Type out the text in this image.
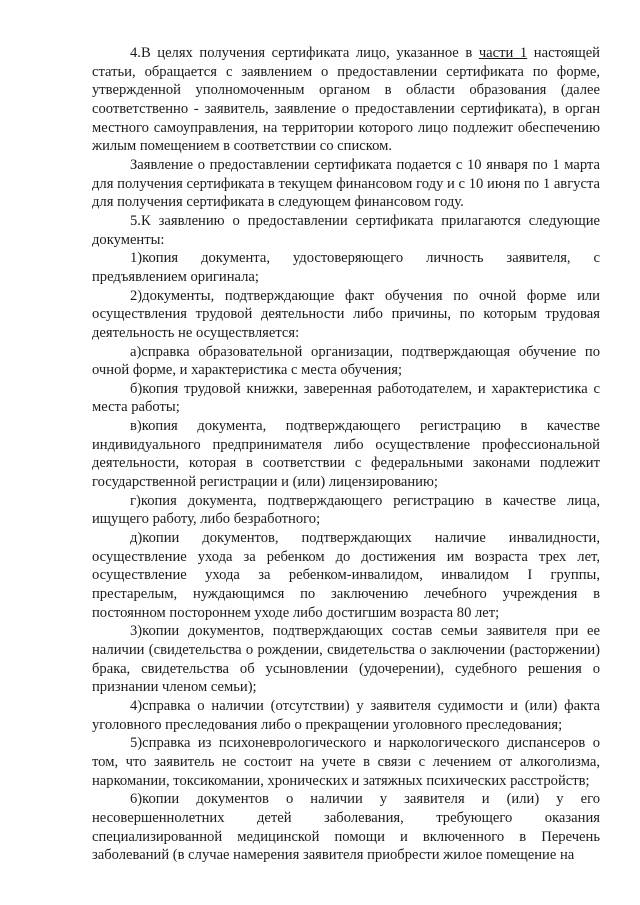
4.В целях получения сертификата лицо, указанное в части 1 настоящей статьи, обращается с заявлением о предоставлении сертификата по форме, утвержденной уполномоченным органом в области образования (далее соответственно - заявитель, заявление о предоставлении сертификата), в орган местного самоуправления, на территории которого лицо подлежит обеспечению жилым помещением в соответствии со списком.

Заявление о предоставлении сертификата подается с 10 января по 1 марта для получения сертификата в текущем финансовом году и с 10 июня по 1 августа для получения сертификата в следующем финансовом году.

5.К заявлению о предоставлении сертификата прилагаются следующие документы:

1)копия документа, удостоверяющего личность заявителя, с предъявлением оригинала;

2)документы, подтверждающие факт обучения по очной форме или осуществления трудовой деятельности либо причины, по которым трудовая деятельность не осуществляется:

а)справка образовательной организации, подтверждающая обучение по очной форме, и характеристика с места обучения;

б)копия трудовой книжки, заверенная работодателем, и характеристика с места работы;

в)копия документа, подтверждающего регистрацию в качестве индивидуального предпринимателя либо осуществление профессиональной деятельности, которая в соответствии с федеральными законами подлежит государственной регистрации и (или) лицензированию;

г)копия документа, подтверждающего регистрацию в качестве лица, ищущего работу, либо безработного;

д)копии документов, подтверждающих наличие инвалидности, осуществление ухода за ребенком до достижения им возраста трех лет, осуществление ухода за ребенком-инвалидом, инвалидом I группы, престарелым, нуждающимся по заключению лечебного учреждения в постоянном постороннем уходе либо достигшим возраста 80 лет;

3)копии документов, подтверждающих состав семьи заявителя при ее наличии (свидетельства о рождении, свидетельства о заключении (расторжении) брака, свидетельства об усыновлении (удочерении), судебного решения о признании членом семьи);

4)справка о наличии (отсутствии) у заявителя судимости и (или) факта уголовного преследования либо о прекращении уголовного преследования;

5)справка из психоневрологического и наркологического диспансеров о том, что заявитель не состоит на учете в связи с лечением от алкоголизма, наркомании, токсикомании, хронических и затяжных психических расстройств;

6)копии документов о наличии у заявителя и (или) у его несовершеннолетних детей заболевания, требующего оказания специализированной медицинской помощи и включенного в Перечень заболеваний (в случае намерения заявителя приобрести жилое помещение на
